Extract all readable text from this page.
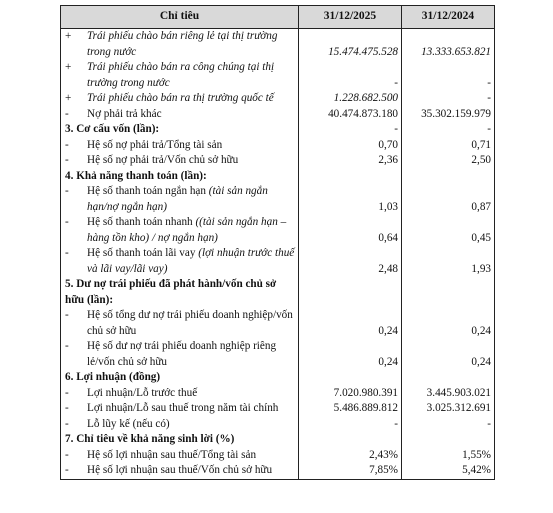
Chỉ tiêu	31/12/2025	31/12/2024

+ Trái phiếu chào bán riêng lẻ tại thị trường trong nước	15.474.475.528	13.333.653.821

+ Trái phiếu chào bán ra công chúng tại thị trường trong nước	-	-

+ Trái phiếu chào bán ra thị trường quốc tế	1.228.682.500	-

- Nợ phải trả khác	40.474.873.180	35.302.159.979
3. Cơ cấu vốn (lần):	-	-

- Hệ số nợ phải trả/Tổng tài sản	0,70	0,71

- Hệ số nợ phải trả/Vốn chủ sở hữu	2,36	2,50
4. Khả năng thanh toán (lần):		

- Hệ số thanh toán ngắn hạn (tài sản ngắn hạn/nợ ngắn hạn)	1,03	0,87

- Hệ số thanh toán nhanh ((tài sản ngắn hạn – hàng tồn kho) / nợ ngắn hạn)	0,64	0,45

- Hệ số thanh toán lãi vay (lợi nhuận trước thuế và lãi vay/lãi vay)	2,48	1,93
5. Dư nợ trái phiếu đã phát hành/vốn chủ sở hữu (lần):		

- Hệ số tổng dư nợ trái phiếu doanh nghiệp/vốn chủ sở hữu	0,24	0,24

- Hệ số dư nợ trái phiếu doanh nghiệp riêng lẻ/vốn chủ sở hữu	0,24	0,24
6. Lợi nhuận (đồng)		

- Lợi nhuận/Lỗ trước thuế	7.020.980.391	3.445.903.021

- Lợi nhuận/Lỗ sau thuế trong năm tài chính	5.486.889.812	3.025.312.691

- Lỗ lũy kế (nếu có)	-	-
7. Chỉ tiêu về khả năng sinh lời (%)		

- Hệ số lợi nhuận sau thuế/Tổng tài sản	2,43%	1,55%

- Hệ số lợi nhuận sau thuế/Vốn chủ sở hữu	7,85%	5,42%
